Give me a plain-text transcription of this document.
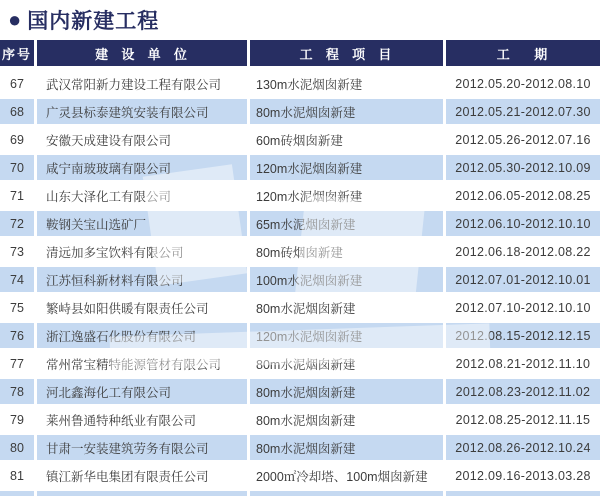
● 国内新建工程
序号	建  设  单  位	工  程  项  目	工    期
67	武汉常阳新力建设工程有限公司	130m水泥烟囱新建	2012.05.20-2012.08.10
68	广灵县标泰建筑安装有限公司	80m水泥烟囱新建	2012.05.21-2012.07.30
69	安徽天成建设有限公司	60m砖烟囱新建	2012.05.26-2012.07.16
70	咸宁南玻玻璃有限公司	120m水泥烟囱新建	2012.05.30-2012.10.09
71	山东大泽化工有限公司	120m水泥烟囱新建	2012.06.05-2012.08.25
72	鞍钢关宝山选矿厂	65m水泥烟囱新建	2012.06.10-2012.10.10
73	清远加多宝饮料有限公司	80m砖烟囱新建	2012.06.18-2012.08.22
74	江苏恒科新材料有限公司	100m水泥烟囱新建	2012.07.01-2012.10.01
75	繁峙县如阳供暖有限责任公司	80m水泥烟囱新建	2012.07.10-2012.10.10
76	浙江逸盛石化股份有限公司	120m水泥烟囱新建	2012.08.15-2012.12.15
77	常州常宝精特能源管材有限公司	80m水泥烟囱新建	2012.08.21-2012.11.10
78	河北鑫海化工有限公司	80m水泥烟囱新建	2012.08.23-2012.11.02
79	莱州鲁通特种纸业有限公司	80m水泥烟囱新建	2012.08.25-2012.11.15
80	甘肃一安装建筑劳务有限公司	80m水泥烟囱新建	2012.08.26-2012.10.24
81	镇江新华电集团有限责任公司	2000㎡冷却塔、100m烟囱新建	2012.09.16-2013.03.28
